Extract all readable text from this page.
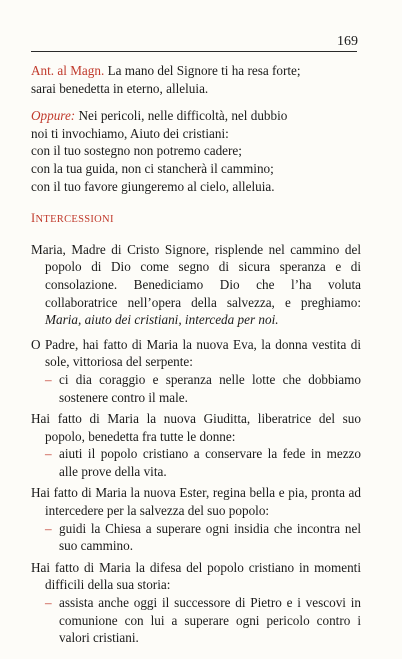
169
Ant. al Magn. La mano del Signore ti ha resa forte;
sarai benedetta in eterno, alleluia.
Oppure: Nei pericoli, nelle difficoltà, nel dubbio
noi ti invochiamo, Aiuto dei cristiani:
con il tuo sostegno non potremo cadere;
con la tua guida, non ci stancherà il cammino;
con il tuo favore giungeremo al cielo, alleluia.
INTERCESSIONI
Maria, Madre di Cristo Signore, risplende nel cammino del popolo di Dio come segno di sicura speranza e di consolazione. Benediciamo Dio che l’ha voluta collaboratrice nell’opera della salvezza, e preghiamo: Maria, aiuto dei cristiani, interceda per noi.
O Padre, hai fatto di Maria la nuova Eva, la donna vestita di sole, vittoriosa del serpente:
– ci dia coraggio e speranza nelle lotte che dobbiamo sostenere contro il male.
Hai fatto di Maria la nuova Giuditta, liberatrice del suo popolo, benedetta fra tutte le donne:
– aiuti il popolo cristiano a conservare la fede in mezzo alle prove della vita.
Hai fatto di Maria la nuova Ester, regina bella e pia, pronta ad intercedere per la salvezza del suo popolo:
– guidi la Chiesa a superare ogni insidia che incontra nel suo cammino.
Hai fatto di Maria la difesa del popolo cristiano in momenti difficili della sua storia:
– assista anche oggi il successore di Pietro e i vescovi in comunione con lui a superare ogni pericolo contro i valori cristiani.
